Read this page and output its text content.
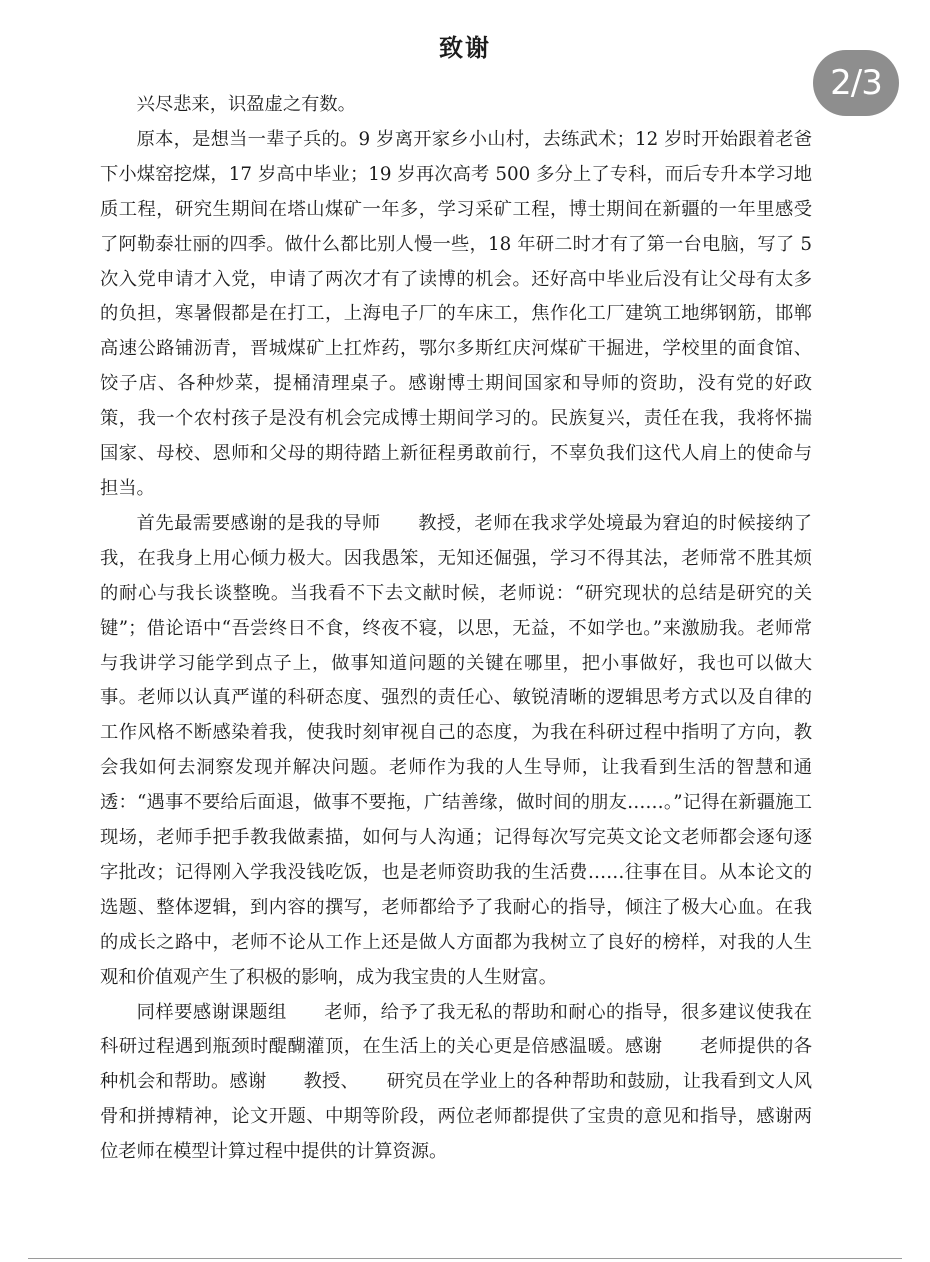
致谢
2/3

兴尽悲来，识盈虚之有数。

原本，是想当一辈子兵的。9 岁离开家乡小山村，去练武术；12 岁时开始跟着老爸下小煤窑挖煤，17 岁高中毕业；19 岁再次高考 500 多分上了专科，而后专升本学习地质工程，研究生期间在塔山煤矿一年多，学习采矿工程，博士期间在新疆的一年里感受了阿勒泰壮丽的四季。做什么都比别人慢一些，18 年研二时才有了第一台电脑，写了 5 次入党申请才入党，申请了两次才有了读博的机会。还好高中毕业后没有让父母有太多的负担，寒暑假都是在打工，上海电子厂的车床工，焦作化工厂建筑工地绑钢筋，邯郸高速公路铺沥青，晋城煤矿上扛炸药，鄂尔多斯红庆河煤矿干掘进，学校里的面食馆、饺子店、各种炒菜，提桶清理桌子。感谢博士期间国家和导师的资助，没有党的好政策，我一个农村孩子是没有机会完成博士期间学习的。民族复兴，责任在我，我将怀揣国家、母校、恩师和父母的期待踏上新征程勇敢前行，不辜负我们这代人肩上的使命与担当。

首先最需要感谢的是我的导师　　教授，老师在我求学处境最为窘迫的时候接纳了我，在我身上用心倾力极大。因我愚笨，无知还倔强，学习不得其法，老师常不胜其烦的耐心与我长谈整晚。当我看不下去文献时候，老师说：“研究现状的总结是研究的关键”；借论语中“吾尝终日不食，终夜不寝，以思，无益，不如学也。”来激励我。老师常与我讲学习能学到点子上，做事知道问题的关键在哪里，把小事做好，我也可以做大事。老师以认真严谨的科研态度、强烈的责任心、敏锐清晰的逻辑思考方式以及自律的工作风格不断感染着我，使我时刻审视自己的态度，为我在科研过程中指明了方向，教会我如何去洞察发现并解决问题。老师作为我的人生导师，让我看到生活的智慧和通透：“遇事不要给后面退，做事不要拖，广结善缘，做时间的朋友……。”记得在新疆施工现场，老师手把手教我做素描，如何与人沟通；记得每次写完英文论文老师都会逐句逐字批改；记得刚入学我没钱吃饭，也是老师资助我的生活费……往事在目。从本论文的选题、整体逻辑，到内容的撰写，老师都给予了我耐心的指导，倾注了极大心血。在我的成长之路中，老师不论从工作上还是做人方面都为我树立了良好的榜样，对我的人生观和价值观产生了积极的影响，成为我宝贵的人生财富。

同样要感谢课题组　　老师，给予了我无私的帮助和耐心的指导，很多建议使我在科研过程遇到瓶颈时醍醐灌顶，在生活上的关心更是倍感温暖。感谢　　老师提供的各种机会和帮助。感谢　　教授、　　研究员在学业上的各种帮助和鼓励，让我看到文人风骨和拼搏精神，论文开题、中期等阶段，两位老师都提供了宝贵的意见和指导，感谢两位老师在模型计算过程中提供的计算资源。
